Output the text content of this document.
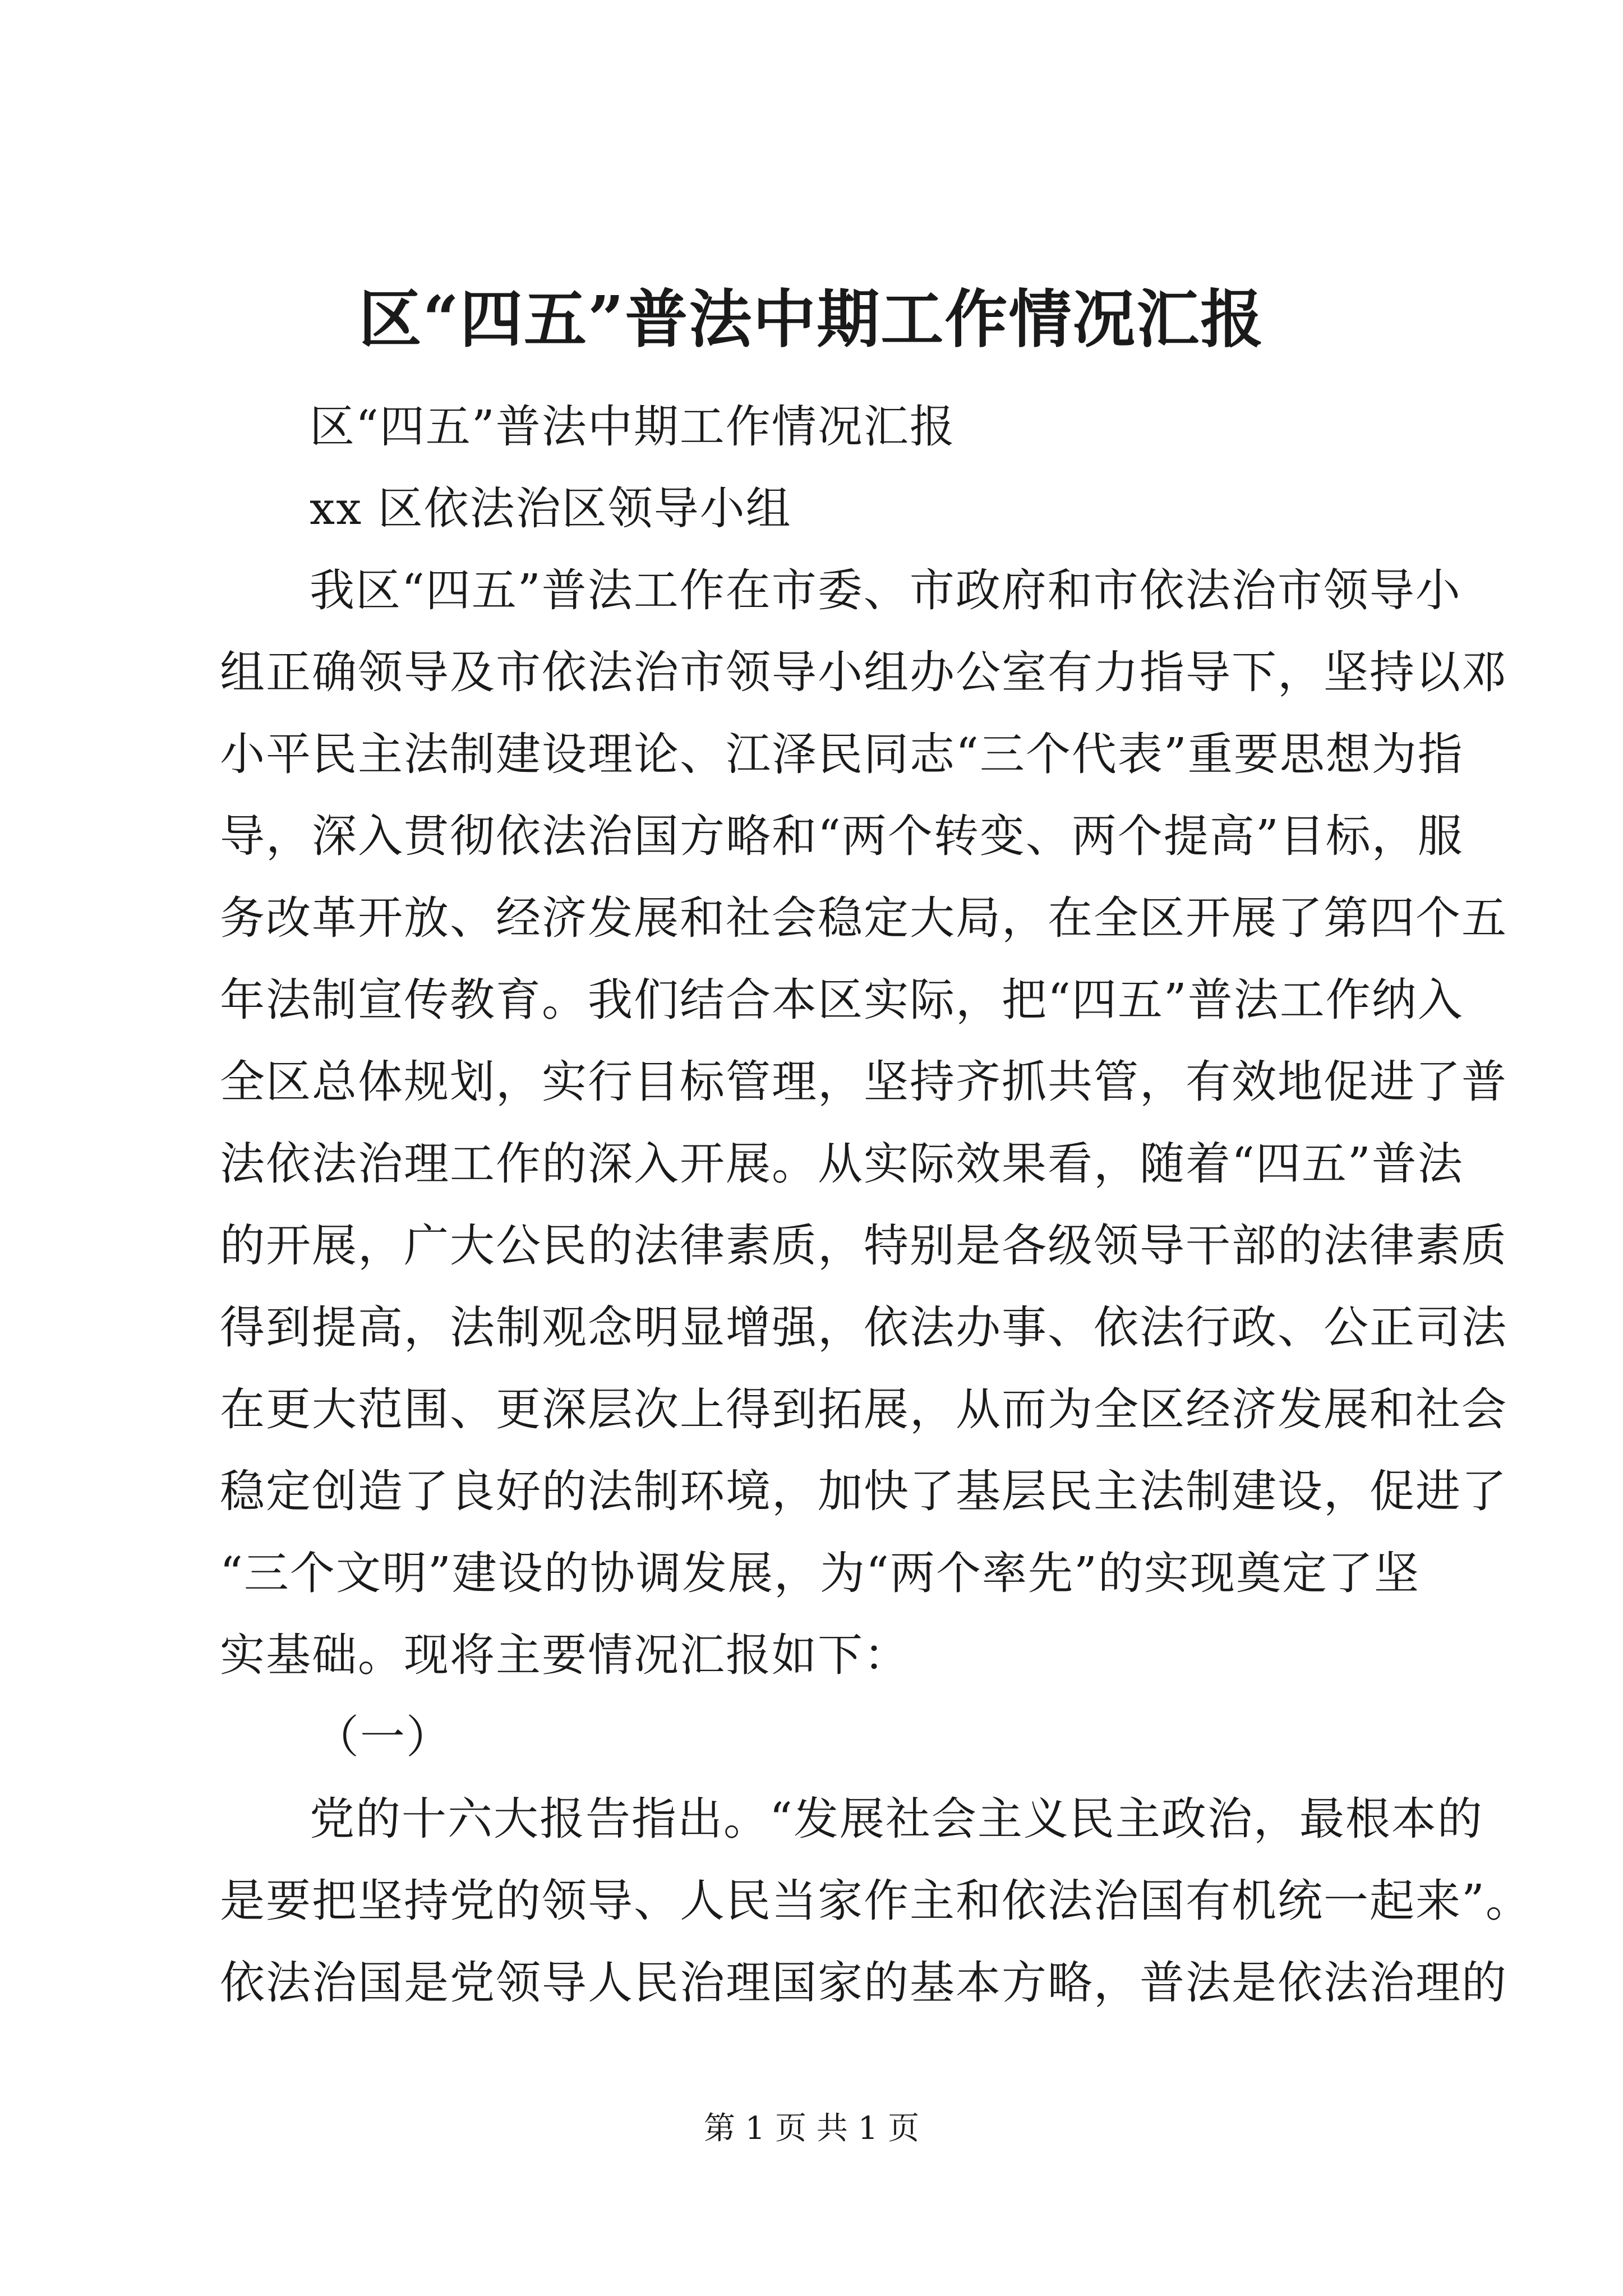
区“四五”普法中期工作情况汇报
区“四五”普法中期工作情况汇报
xx 区依法治区领导小组
我区“四五”普法工作在市委、市政府和市依法治市领导小
组正确领导及市依法治市领导小组办公室有力指导下，坚持以邓
小平民主法制建设理论、江泽民同志“三个代表”重要思想为指
导，深入贯彻依法治国方略和“两个转变、两个提高”目标，服
务改革开放、经济发展和社会稳定大局，在全区开展了第四个五
年法制宣传教育。我们结合本区实际，把“四五”普法工作纳入
全区总体规划，实行目标管理，坚持齐抓共管，有效地促进了普
法依法治理工作的深入开展。从实际效果看，随着“四五”普法
的开展，广大公民的法律素质，特别是各级领导干部的法律素质
得到提高，法制观念明显增强，依法办事、依法行政、公正司法
在更大范围、更深层次上得到拓展，从而为全区经济发展和社会
稳定创造了良好的法制环境，加快了基层民主法制建设，促进了
“三个文明”建设的协调发展，为“两个率先”的实现奠定了坚
实基础。现将主要情况汇报如下：
（一）
党的十六大报告指出。“发展社会主义民主政治，最根本的
是要把坚持党的领导、人民当家作主和依法治国有机统一起来”。
依法治国是党领导人民治理国家的基本方略，普法是依法治理的
第 1 页 共 1 页
